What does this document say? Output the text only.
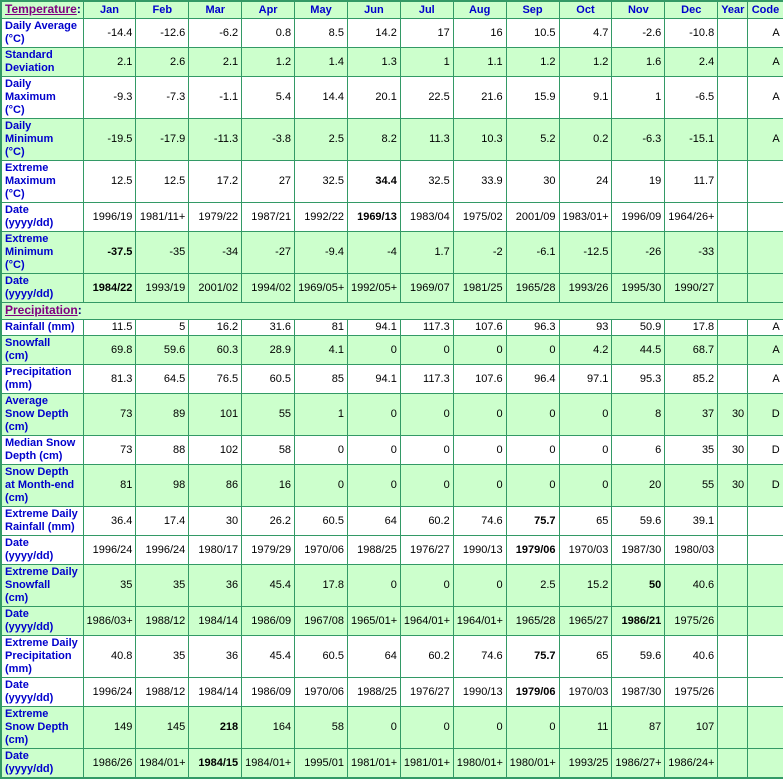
Temperature:	Jan	Feb	Mar	Apr	May	Jun	Jul	Aug	Sep	Oct	Nov	Dec	Year	Code
Daily Average
(°C)	-14.4	-12.6	-6.2	0.8	8.5	14.2	17	16	10.5	4.7	-2.6	-10.8		A
Standard
Deviation	2.1	2.6	2.1	1.2	1.4	1.3	1	1.1	1.2	1.2	1.6	2.4		A
Daily
Maximum
(°C)	-9.3	-7.3	-1.1	5.4	14.4	20.1	22.5	21.6	15.9	9.1	1	-6.5		A
Daily
Minimum
(°C)	-19.5	-17.9	-11.3	-3.8	2.5	8.2	11.3	10.3	5.2	0.2	-6.3	-15.1		A
Extreme
Maximum
(°C)	12.5	12.5	17.2	27	32.5	34.4	32.5	33.9	30	24	19	11.7		
Date
(yyyy/dd)	1996/19	1981/11+	1979/22	1987/21	1992/22	1969/13	1983/04	1975/02	2001/09	1983/01+	1996/09	1964/26+		
Extreme
Minimum
(°C)	-37.5	-35	-34	-27	-9.4	-4	1.7	-2	-6.1	-12.5	-26	-33		
Date
(yyyy/dd)	1984/22	1993/19	2001/02	1994/02	1969/05+	1992/05+	1969/07	1981/25	1965/28	1993/26	1995/30	1990/27		
Precipitation:														
Rainfall (mm)	11.5	5	16.2	31.6	81	94.1	117.3	107.6	96.3	93	50.9	17.8		A
Snowfall
(cm)	69.8	59.6	60.3	28.9	4.1	0	0	0	0	4.2	44.5	68.7		A
Precipitation
(mm)	81.3	64.5	76.5	60.5	85	94.1	117.3	107.6	96.4	97.1	95.3	85.2		A
Average
Snow Depth
(cm)	73	89	101	55	1	0	0	0	0	0	8	37	30	D
Median Snow
Depth (cm)	73	88	102	58	0	0	0	0	0	0	6	35	30	D
Snow Depth
at Month-end
(cm)	81	98	86	16	0	0	0	0	0	0	20	55	30	D
Extreme Daily
Rainfall (mm)	36.4	17.4	30	26.2	60.5	64	60.2	74.6	75.7	65	59.6	39.1		
Date
(yyyy/dd)	1996/24	1996/24	1980/17	1979/29	1970/06	1988/25	1976/27	1990/13	1979/06	1970/03	1987/30	1980/03		
Extreme Daily
Snowfall
(cm)	35	35	36	45.4	17.8	0	0	0	2.5	15.2	50	40.6		
Date
(yyyy/dd)	1986/03+	1988/12	1984/14	1986/09	1967/08	1965/01+	1964/01+	1964/01+	1965/28	1965/27	1986/21	1975/26		
Extreme Daily
Precipitation
(mm)	40.8	35	36	45.4	60.5	64	60.2	74.6	75.7	65	59.6	40.6		
Date
(yyyy/dd)	1996/24	1988/12	1984/14	1986/09	1970/06	1988/25	1976/27	1990/13	1979/06	1970/03	1987/30	1975/26		
Extreme
Snow Depth
(cm)	149	145	218	164	58	0	0	0	0	11	87	107		
Date
(yyyy/dd)	1986/26	1984/01+	1984/15	1984/01+	1995/01	1981/01+	1981/01+	1980/01+	1980/01+	1993/25	1986/27+	1986/24+		
